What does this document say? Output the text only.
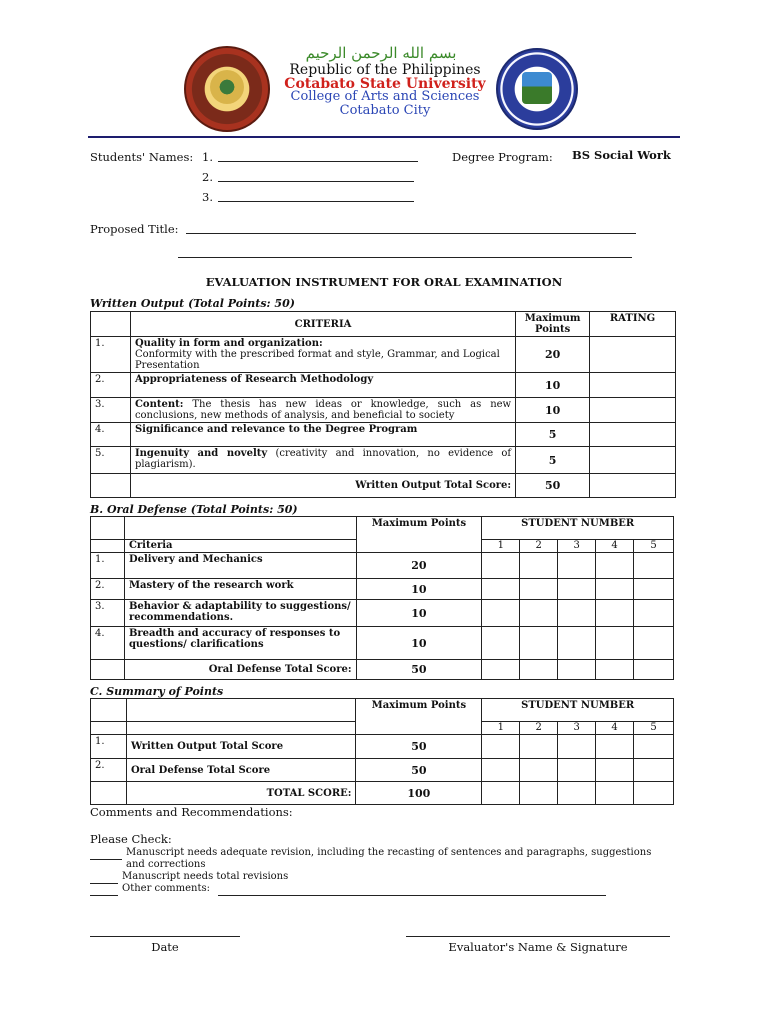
بسم الله الرحمن الرحيم
Republic of the Philippines
Cotabato State University
College of Arts and Sciences
Cotabato City
Students' Names: 1.
2.
3.
Degree Program: BS Social Work
Proposed Title:
EVALUATION INSTRUMENT FOR ORAL EXAMINATION
Written Output (Total Points: 50)
	CRITERIA	Maximum Points	RATING
1.	Quality in form and organization:
Conformity with the prescribed format and style, Grammar, and Logical Presentation	20	
2.	Appropriateness of Research Methodology	10	
3.	Content: The thesis has new ideas or knowledge, such as new conclusions, new methods of analysis, and beneficial to society	10	
4.	Significance and relevance to the Degree Program	5	
5.	Ingenuity and novelty (creativity and innovation, no evidence of plagiarism).	5	
	Written Output Total Score:	50	
B. Oral Defense (Total Points: 50)
		Maximum Points	STUDENT NUMBER				
	Criteria		1	2	3	4	5
1.	Delivery and Mechanics	20					
2.	Mastery of the research work	10					
3.	Behavior & adaptability to suggestions/ recommendations.	10					
4.	Breadth and accuracy of responses to questions/ clarifications	10					
	Oral Defense Total Score:	50					
C. Summary of Points
		Maximum Points	STUDENT NUMBER				
			1	2	3	4	5
1.	Written Output Total Score	50					
2.	Oral Defense Total Score	50					
	TOTAL SCORE:	100					
Comments and Recommendations:
Please Check:
Manuscript needs adequate revision, including the recasting of sentences and paragraphs, suggestions and corrections
Manuscript needs total revisions
Other comments:
Date	Evaluator's Name & Signature
